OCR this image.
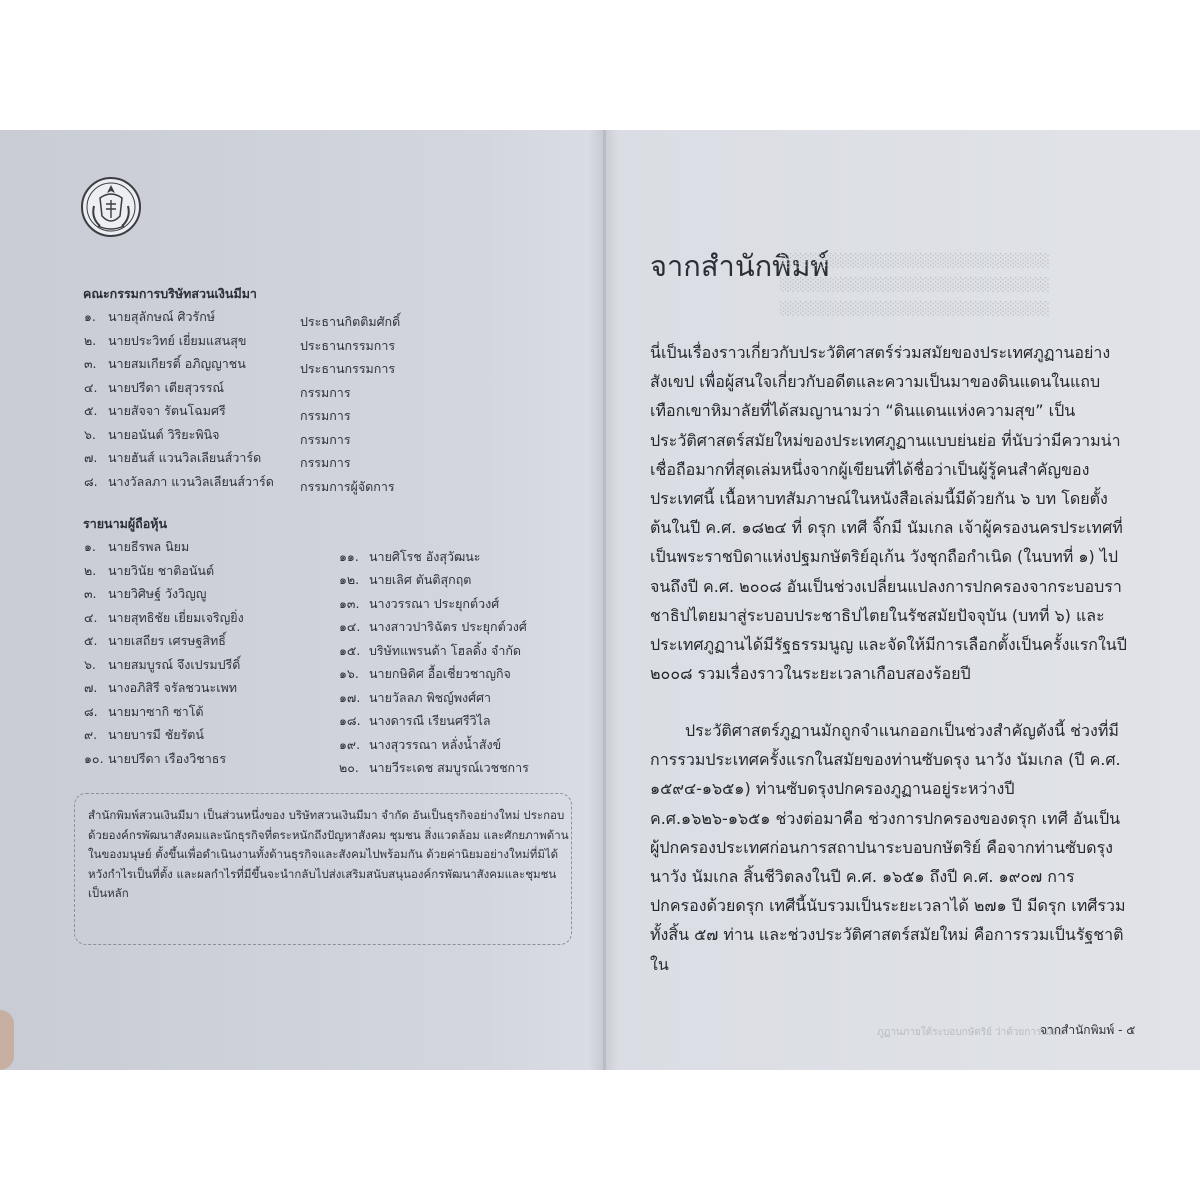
คณะกรรมการบริษัทสวนเงินมีมา
๑. นายสุลักษณ์ ศิวรักษ์	ประธานกิตติมศักดิ์
๒. นายประวิทย์ เยี่ยมแสนสุข	ประธานกรรมการ
๓. นายสมเกียรติ์ อภิญญาชน	ประธานกรรมการ
๔. นายปรีดา เตียสุวรรณ์	กรรมการ
๕. นายสัจจา รัตนโฉมศรี	กรรมการ
๖. นายอนันต์ วิริยะพินิจ	กรรมการ
๗. นายฮันส์ แวนวิลเลียนส์วาร์ด	กรรมการ
๘. นางวัลลภา แวนวิลเลียนส์วาร์ด กรรมการผู้จัดการ
รายนามผู้ถือหุ้น
๑. นายธีรพล นิยม
๒. นายวินัย ชาติอนันต์
๓. นายวิศิษฐ์ วังวิญญู
๔. นายสุทธิชัย เยี่ยมเจริญยิ่ง
๕. นายเสถียร เศรษฐสิทธิ์
๖. นายสมบูรณ์ จึงเปรมปรีดิ์
๗. นางอภิสิรี จรัลชวนะเพท
๘. นายมาซากิ ซาโต้
๙. นายบารมี ชัยรัตน์
๑๐. นายปรีดา เรืองวิชาธร
๑๑. นายศิโรช อังสุวัฒนะ
๑๒. นายเลิศ ตันติสุกฤต
๑๓. นางวรรณา ประยุกต์วงศ์
๑๔. นางสาวปาริฉัตร ประยุกต์วงศ์
๑๕. บริษัทแพรนด้า โฮลดิ้ง จำกัด
๑๖. นายกษิดิศ อื้อเชี่ยวชาญกิจ
๑๗. นายวัลลภ พิชญ์พงศ์ศา
๑๘. นางดารณี เรียนศรีวิไล
๑๙. นางสุวรรณา หลั่งน้ำสังข์
๒๐. นายวีระเดช สมบูรณ์เวชชการ
สำนักพิมพ์สวนเงินมีมา เป็นส่วนหนึ่งของ บริษัทสวนเงินมีมา จำกัด อันเป็นธุรกิจอย่างใหม่ ประกอบด้วยองค์กรพัฒนาสังคมและนักธุรกิจที่ตระหนักถึงปัญหาสังคม ชุมชน สิ่งแวดล้อม และศักยภาพด้านในของมนุษย์ ตั้งขึ้นเพื่อดำเนินงานทั้งด้านธุรกิจและสังคมไปพร้อมกัน ด้วยค่านิยมอย่างใหม่ที่มิได้หวังกำไรเป็นที่ตั้ง และผลกำไรที่มีขึ้นจะนำกลับไปส่งเสริมสนับสนุนองค์กรพัฒนาสังคมและชุมชนเป็นหลัก
จากสำนักพิมพ์
░░░░░░░░░░░░░░░░░░░░░░░░░░░
░░░░░░░░░░░░░░░░░░░░░░░░░░░
░░░░░░░░░░░░░░░░░░░░░░░░░░░
นี่เป็นเรื่องราวเกี่ยวกับประวัติศาสตร์ร่วมสมัยของประเทศภูฏานอย่างสังเขป เพื่อผู้สนใจเกี่ยวกับอดีตและความเป็นมาของดินแดนในแถบเทือกเขาหิมาลัยที่ได้สมญานามว่า “ดินแดนแห่งความสุข” เป็นประวัติศาสตร์สมัยใหม่ของประเทศภูฏานแบบย่นย่อ ที่นับว่ามีความน่าเชื่อถือมากที่สุดเล่มหนึ่งจากผู้เขียนที่ได้ชื่อว่าเป็นผู้รู้คนสำคัญของประเทศนี้ เนื้อหาบทสัมภาษณ์ในหนังสือเล่มนี้มีด้วยกัน ๖ บท โดยตั้งต้นในปี ค.ศ. ๑๘๒๔ ที่ ดรุก เทศี จิ๊กมี นัมเกล เจ้าผู้ครองนครประเทศที่เป็นพระราชบิดาแห่งปฐมกษัตริย์อุเก้น วังชุกถือกำเนิด (ในบทที่ ๑) ไปจนถึงปี ค.ศ. ๒๐๐๘ อันเป็นช่วงเปลี่ยนแปลงการปกครองจากระบอบราชาธิปไตยมาสู่ระบอบประชาธิปไตยในรัชสมัยปัจจุบัน (บทที่ ๖) และประเทศภูฏานได้มีรัฐธรรมนูญ และจัดให้มีการเลือกตั้งเป็นครั้งแรกในปี ๒๐๐๘ รวมเรื่องราวในระยะเวลาเกือบสองร้อยปี
ประวัติศาสตร์ภูฏานมักถูกจำแนกออกเป็นช่วงสำคัญดังนี้ ช่วงที่มีการรวมประเทศครั้งแรกในสมัยของท่านซับดรุง นาวัง นัมเกล (ปี ค.ศ. ๑๕๙๔-๑๖๕๑) ท่านซับดรุงปกครองภูฏานอยู่ระหว่างปี ค.ศ.๑๖๒๖-๑๖๕๑ ช่วงต่อมาคือ ช่วงการปกครองของดรุก เทศี อันเป็นผู้ปกครองประเทศก่อนการสถาปนาระบอบกษัตริย์ คือจากท่านซับดรุง นาวัง นัมเกล สิ้นชีวิตลงในปี ค.ศ. ๑๖๕๑ ถึงปี ค.ศ. ๑๙๐๗ การปกครองด้วยดรุก เทศีนี้นับรวมเป็นระยะเวลาได้ ๒๗๑ ปี มีดรุก เทศีรวมทั้งสิ้น ๕๗ ท่าน และช่วงประวัติศาสตร์สมัยใหม่ คือการรวมเป็นรัฐชาติใน
ภูฏานภายใต้ระบอบกษัตริย์ ว่าด้วยการเมือง
จากสำนักพิมพ์ - ๕
